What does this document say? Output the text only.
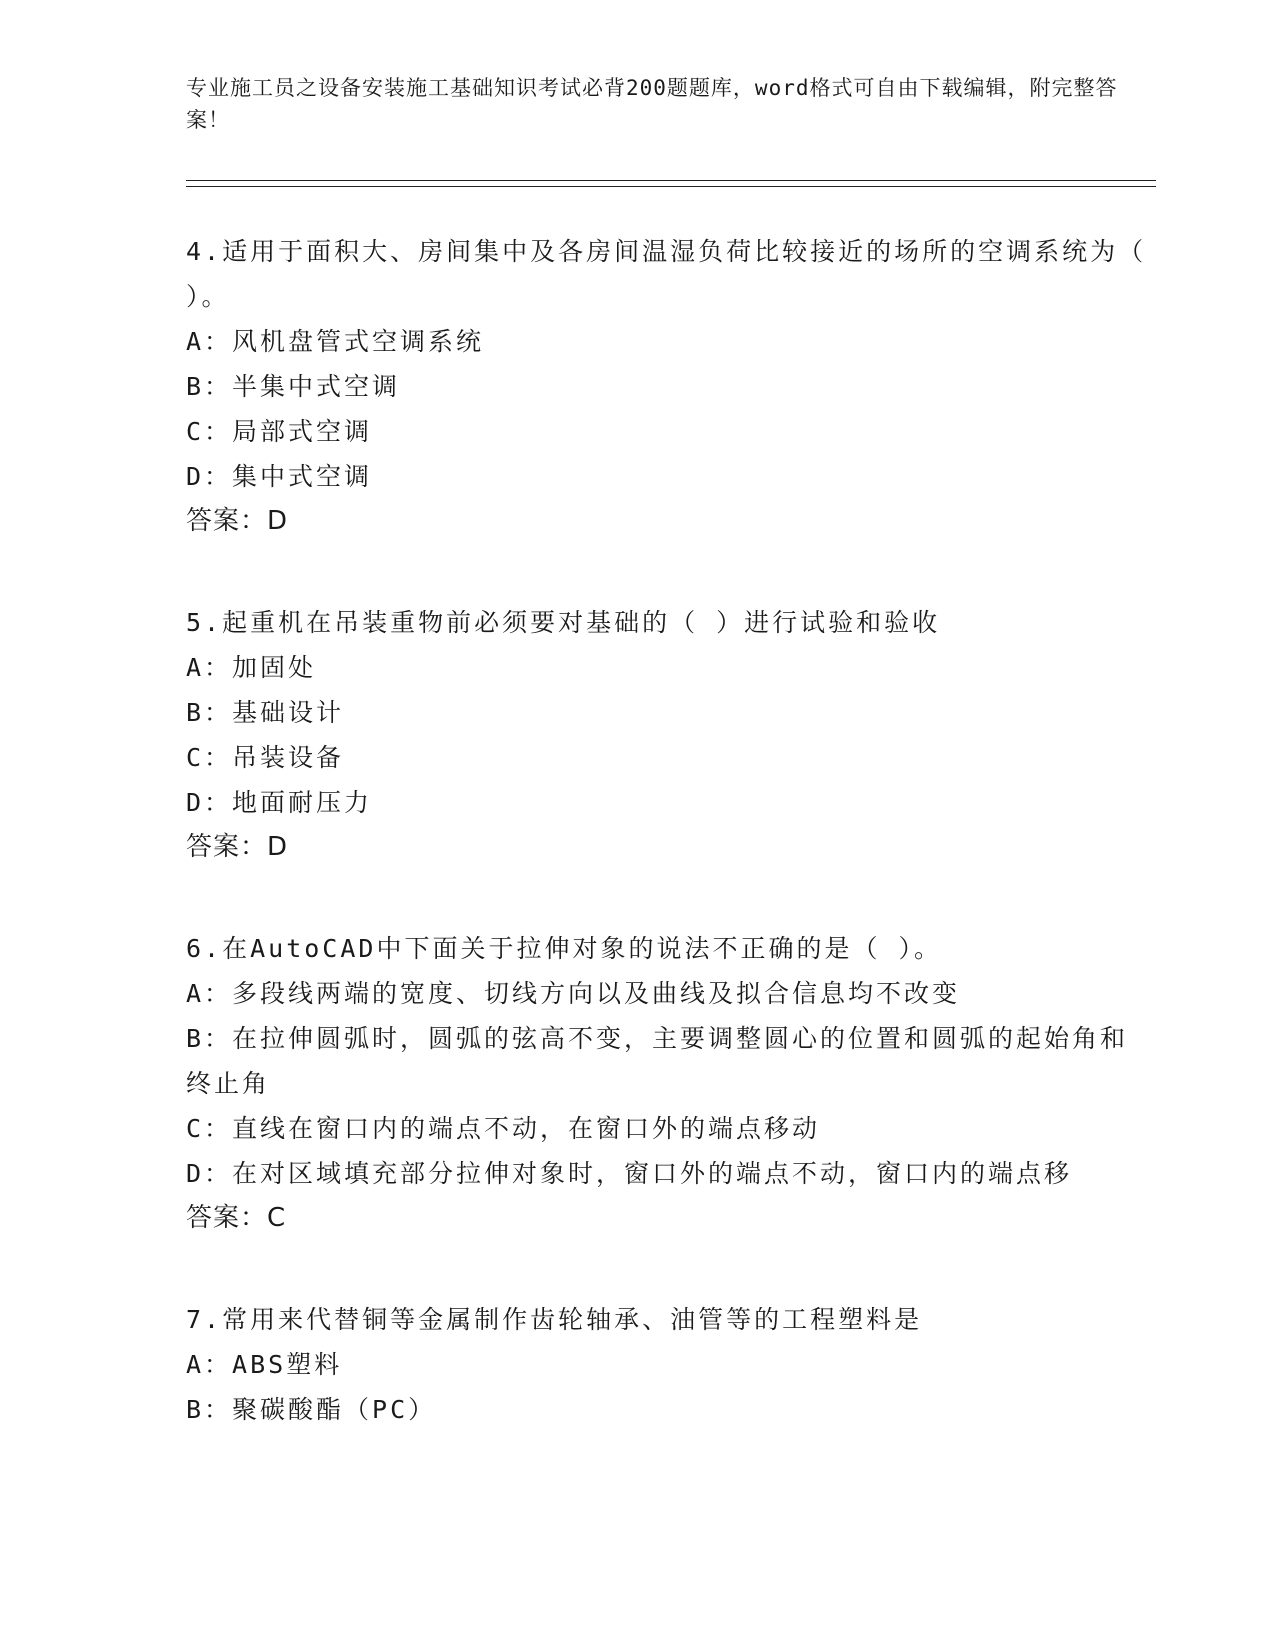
专业施工员之设备安装施工基础知识考试必背200题题库，word格式可自由下载编辑，附完整答案！

4.适用于面积大、房间集中及各房间温湿负荷比较接近的场所的空调系统为（ ）。

A：风机盘管式空调系统

B：半集中式空调

C：局部式空调

D：集中式空调

答案：D

5.起重机在吊装重物前必须要对基础的（ ）进行试验和验收

A：加固处

B：基础设计

C：吊装设备

D：地面耐压力

答案：D

6.在AutoCAD中下面关于拉伸对象的说法不正确的是（ ）。

A：多段线两端的宽度、切线方向以及曲线及拟合信息均不改变

B：在拉伸圆弧时，圆弧的弦高不变，主要调整圆心的位置和圆弧的起始角和终止角

C：直线在窗口内的端点不动，在窗口外的端点移动

D：在对区域填充部分拉伸对象时，窗口外的端点不动，窗口内的端点移

答案：C

7.常用来代替铜等金属制作齿轮轴承、油管等的工程塑料是

A：ABS塑料

B：聚碳酸酯（PC）
